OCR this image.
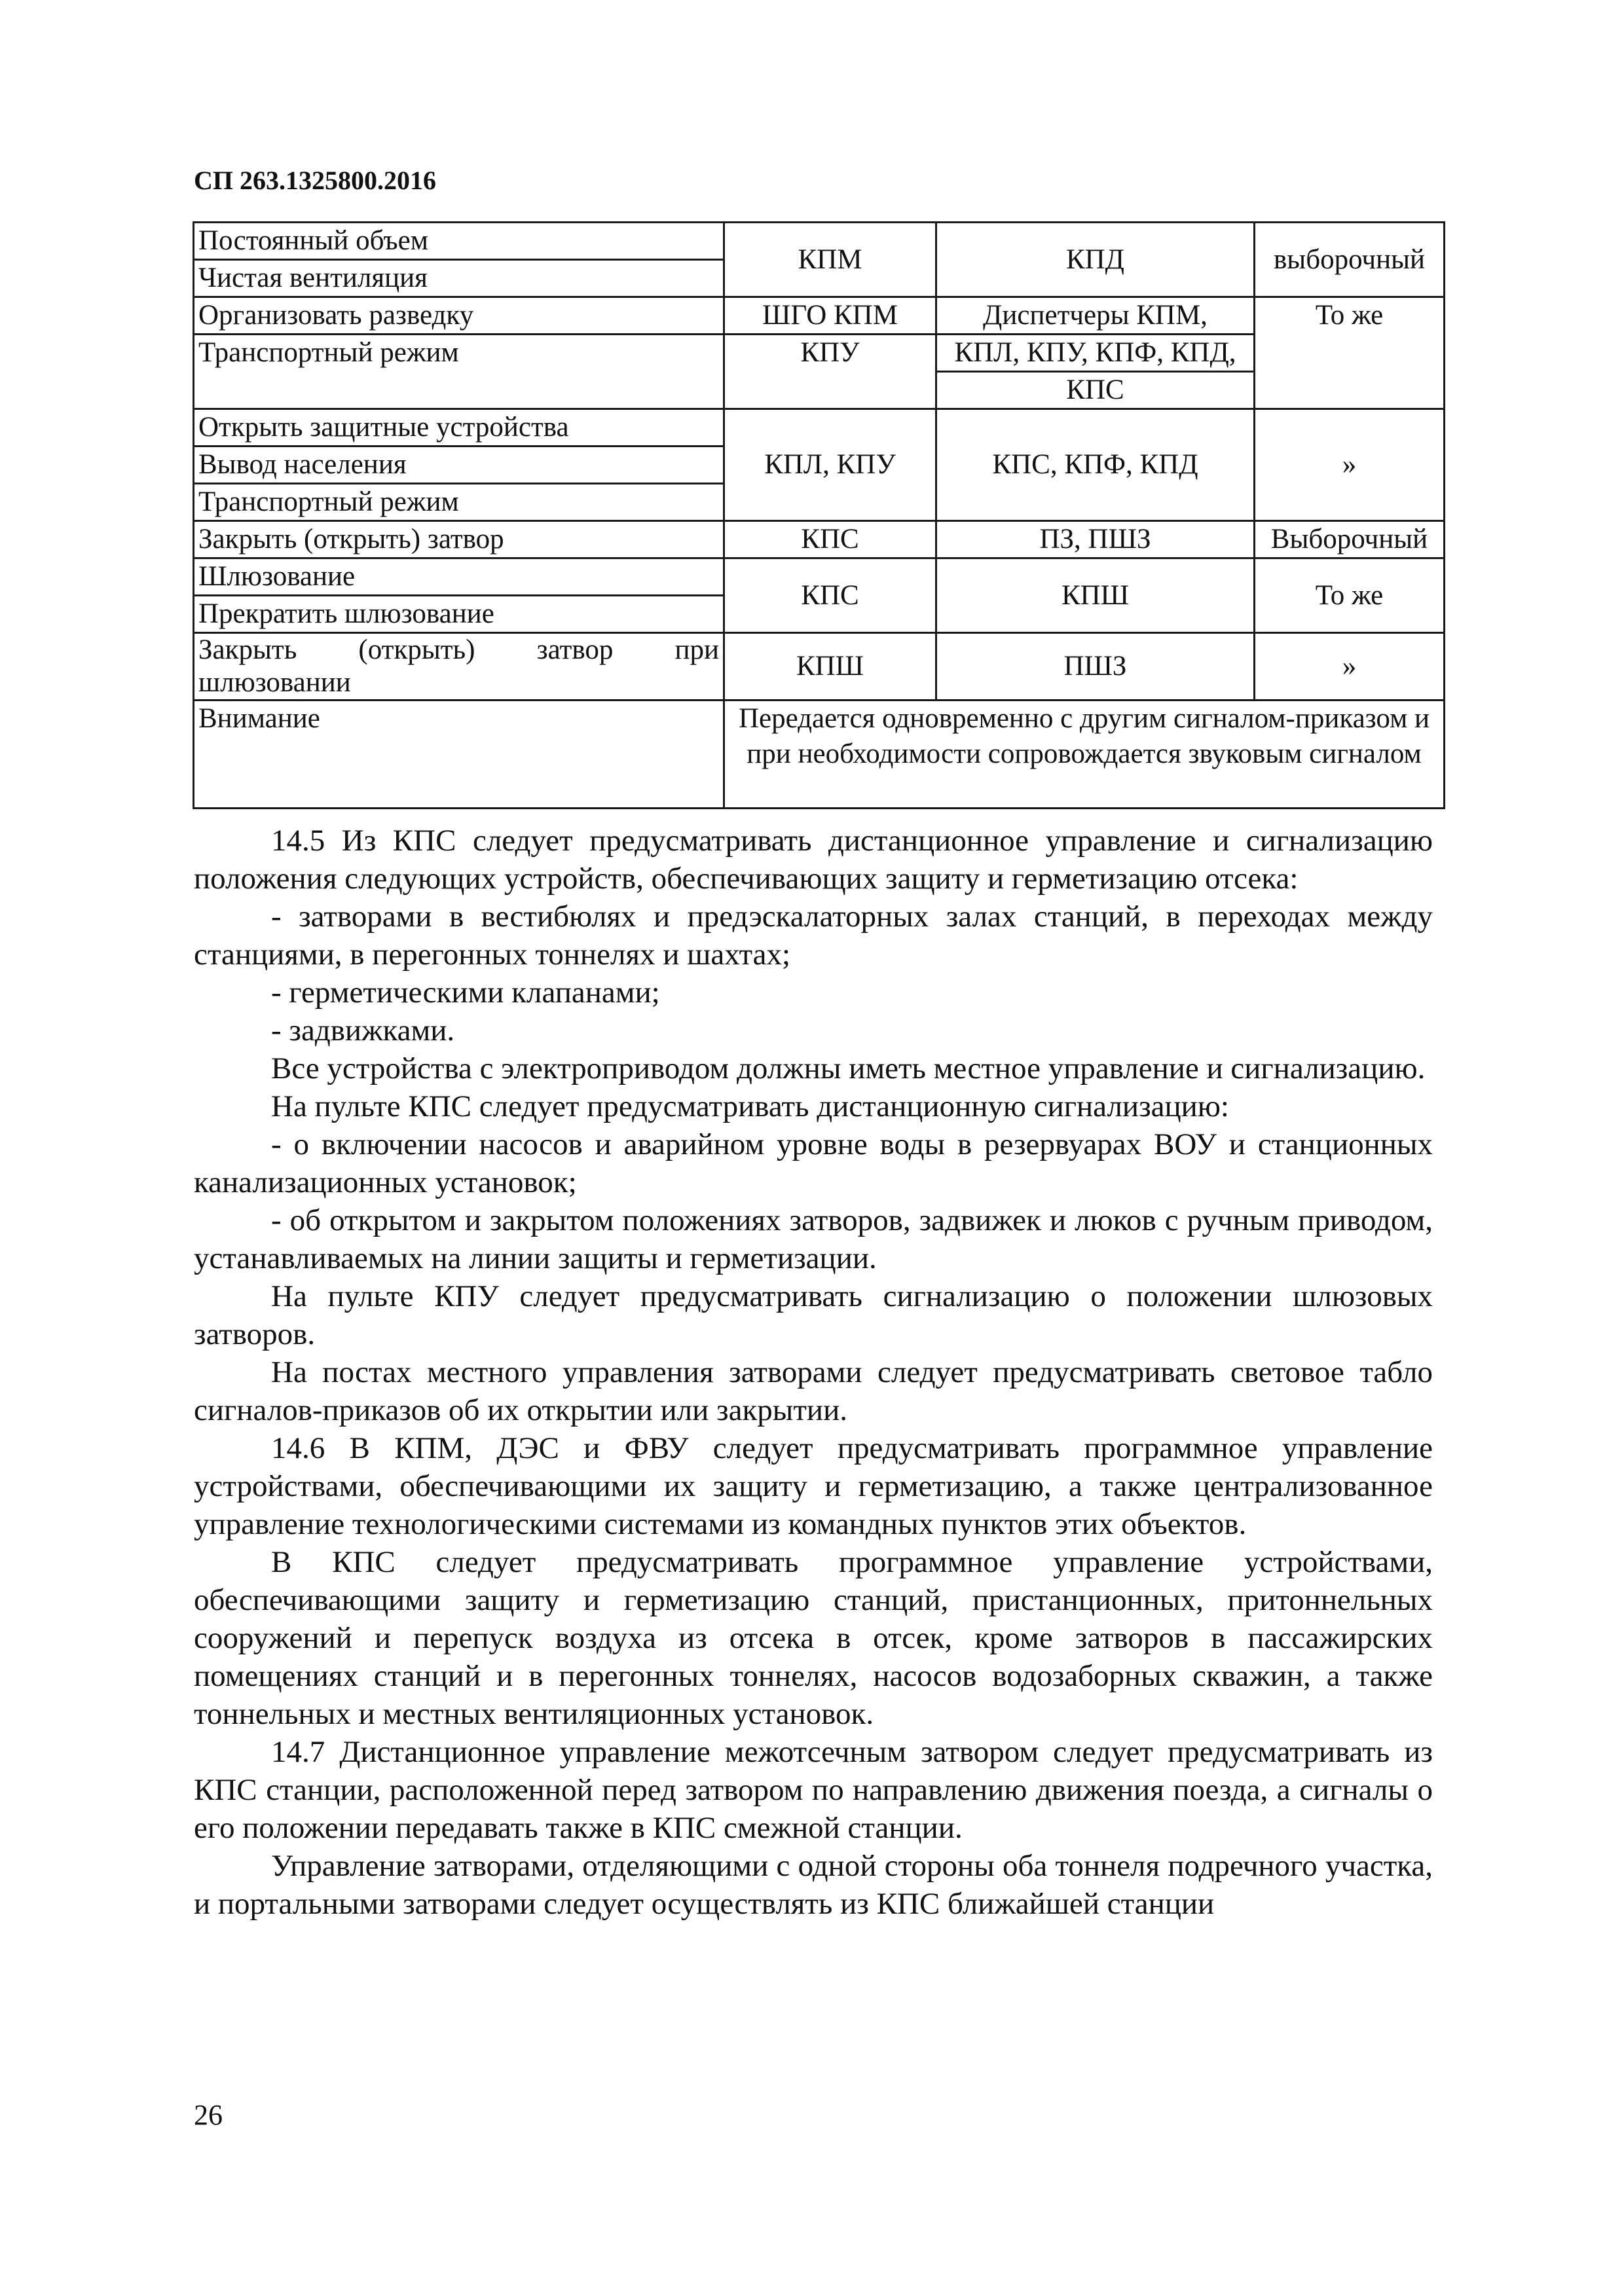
СП 263.1325800.2016

Постоянный объем	КПМ	КПД	выборочный
Чистая вентиляция			
Организовать разведку	ШГО КПМ	Диспетчеры КПМ,	То же
Транспортный режим	КПУ	КПЛ, КПУ, КПФ, КПД,	
		КПС	
Открыть защитные устройства	КПЛ, КПУ	КПС, КПФ, КПД	»
Вывод населения			
Транспортный режим			
Закрыть (открыть) затвор	КПС	ПЗ, ПШЗ	Выборочный
Шлюзование	КПС	КПШ	То же
Прекратить шлюзование			

Закрыть (открыть) затвор при
шлюзовании	КПШ	ПШЗ	»
Внимание	Передается одновременно с другим сигналом-приказом и при необходимости сопровождается звуковым сигналом		

14.5 Из КПС следует предусматривать дистанционное управление и сигнализацию положения следующих устройств, обеспечивающих защиту и герметизацию отсека:

- затворами в вестибюлях и предэскалаторных залах станций, в переходах между станциями, в перегонных тоннелях и шахтах;

- герметическими клапанами;

- задвижками.

Все устройства с электроприводом должны иметь местное управление и сигнализацию.

На пульте КПС следует предусматривать дистанционную сигнализацию:

- о включении насосов и аварийном уровне воды в резервуарах ВОУ и станционных канализационных установок;

- об открытом и закрытом положениях затворов, задвижек и люков с ручным приводом, устанавливаемых на линии защиты и герметизации.

На пульте КПУ следует предусматривать сигнализацию о положении шлюзовых затворов.

На постах местного управления затворами следует предусматривать световое табло сигналов-приказов об их открытии или закрытии.

14.6 В КПМ, ДЭС и ФВУ следует предусматривать программное управление устройствами, обеспечивающими их защиту и герметизацию, а также централизованное управление технологическими системами из командных пунктов этих объектов.

В КПС следует предусматривать программное управление устройствами, обеспечивающими защиту и герметизацию станций, пристанционных, притоннельных сооружений и перепуск воздуха из отсека в отсек, кроме затворов в пассажирских помещениях станций и в перегонных тоннелях, насосов водозаборных скважин, а также тоннельных и местных вентиляционных установок.

14.7 Дистанционное управление межотсечным затвором следует предусматривать из КПС станции, расположенной перед затвором по направлению движения поезда, а сигналы о его положении передавать также в КПС смежной станции.

Управление затворами, отделяющими с одной стороны оба тоннеля подречного участка, и портальными затворами следует осуществлять из КПС ближайшей станции

26
